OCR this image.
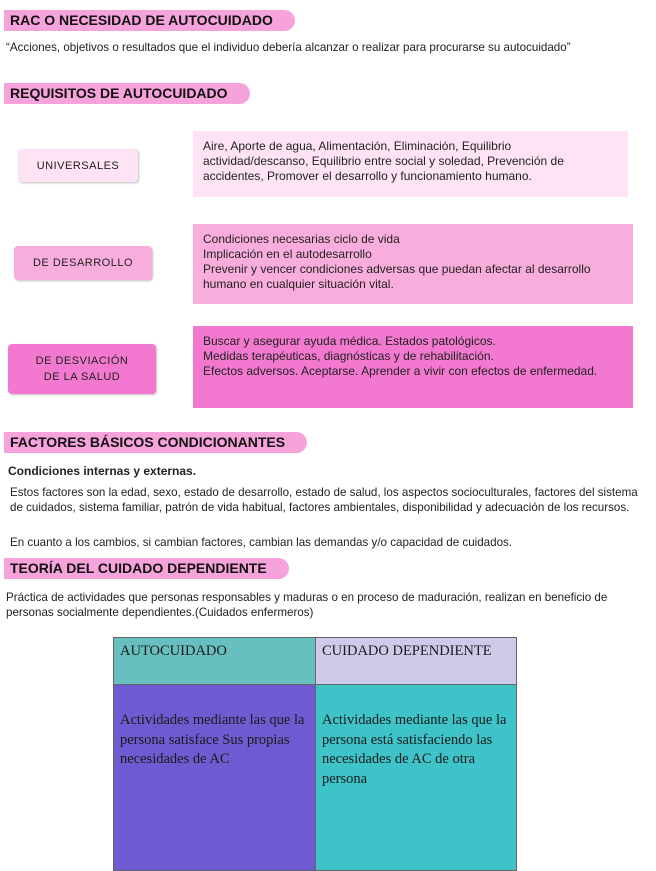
RAC O NECESIDAD DE AUTOCUIDADO

“Acciones, objetivos o resultados que el individuo debería alcanzar o realizar para procurarse su autocuidado”

REQUISITOS DE AUTOCUIDADO
UNIVERSALES
Aire, Aporte de agua, Alimentación, Eliminación, Equilibrio actividad/descanso, Equilibrio entre social y soledad, Prevención de accidentes, Promover el desarrollo y funcionamiento humano.
DE DESARROLLO
Condiciones necesarias ciclo de vida
Implicación en el autodesarrollo
Prevenir y vencer condiciones adversas que puedan afectar al desarrollo humano en cualquier situación vital.
DE DESVIACIÓN
DE LA SALUD
Buscar y asegurar ayuda médica. Estados patológicos.
Medidas terapéuticas, diagnósticas y de rehabilitación.
Efectos adversos. Aceptarse. Aprender a vivir con efectos de enfermedad.
FACTORES BÁSICOS CONDICIONANTES
Condiciones internas y externas.

Estos factores son la edad, sexo, estado de desarrollo, estado de salud, los aspectos socioculturales, factores del sistema de cuidados, sistema familiar, patrón de vida habitual, factores ambientales, disponibilidad y adecuación de los recursos.

En cuanto a los cambios, si cambian factores, cambian las demandas y/o capacidad de cuidados.

TEORÍA DEL CUIDADO DEPENDIENTE

Práctica de actividades que personas responsables y maduras o en proceso de maduración, realizan en beneficio de personas socialmente dependientes.(Cuidados enfermeros)

AUTOCUIDADO	CUIDADO DEPENDIENTE
Actividades mediante las que la persona satisface Sus propias necesidades de AC	Actividades mediante las que la persona está satisfaciendo las necesidades de AC de otra persona
